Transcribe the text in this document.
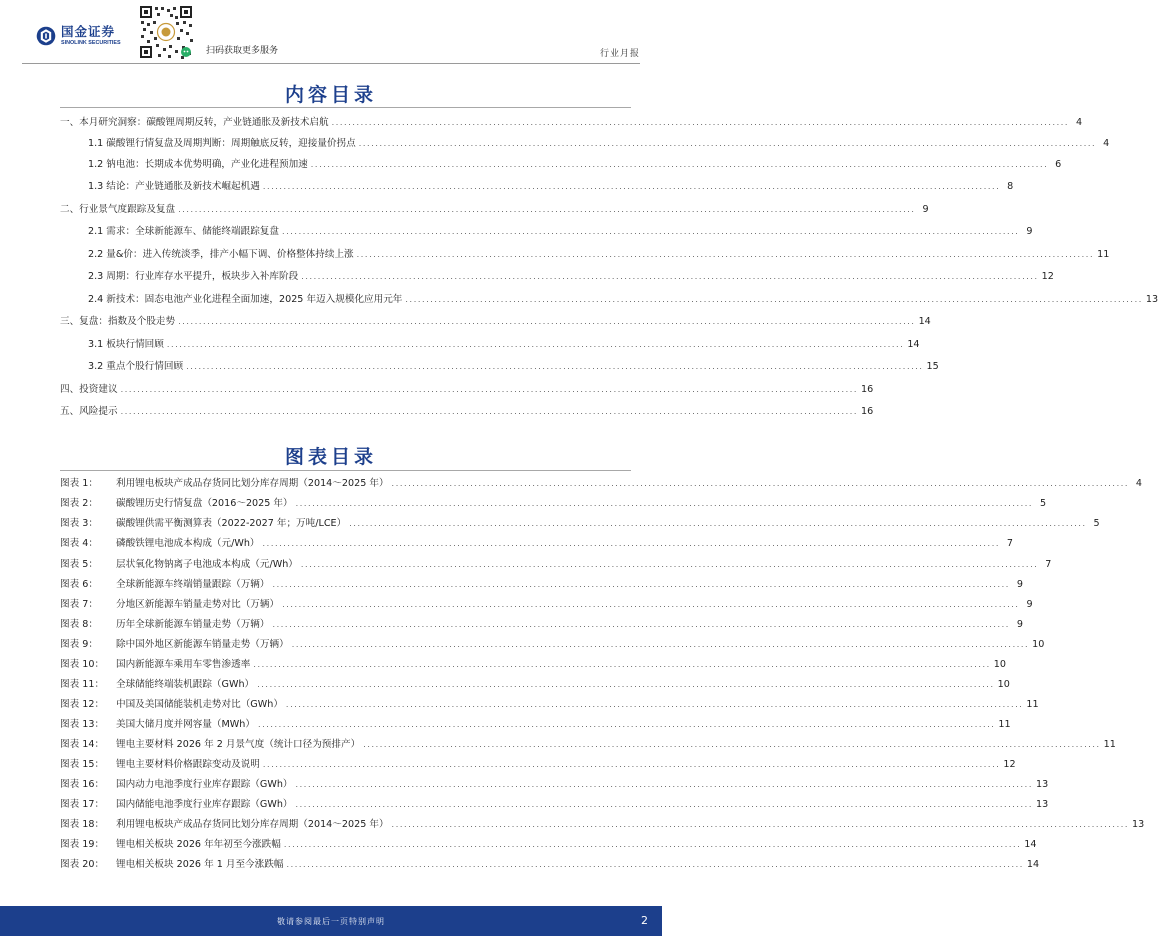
国金证券
SINOLINK SECURITIES
扫码获取更多服务	行业月报
内容目录
一、本月研究洞察：碳酸锂周期反转，产业链通胀及新技术启航 .................................................................................................................................................................................. 4
1.1 碳酸锂行情复盘及周期判断：周期触底反转，迎接量价拐点 .................................................................................................................................................................................. 4
1.2 钠电池：长期成本优势明确，产业化进程预加速 .................................................................................................................................................................................. 6
1.3 结论：产业链通胀及新技术崛起机遇 .................................................................................................................................................................................. 8
二、行业景气度跟踪及复盘 .................................................................................................................................................................................. 9
2.1 需求：全球新能源车、储能终端跟踪复盘 .................................................................................................................................................................................. 9
2.2 量&价：进入传统淡季，排产小幅下调、价格整体持续上涨 .................................................................................................................................................................................. 11
2.3 周期：行业库存水平提升，板块步入补库阶段 .................................................................................................................................................................................. 12
2.4 新技术：固态电池产业化进程全面加速，2025 年迈入规模化应用元年 .................................................................................................................................................................................. 13
三、复盘：指数及个股走势 .................................................................................................................................................................................. 14
3.1 板块行情回顾 .................................................................................................................................................................................. 14
3.2 重点个股行情回顾 .................................................................................................................................................................................. 15
四、投资建议 .................................................................................................................................................................................. 16
五、风险提示 .................................................................................................................................................................................. 16
图表目录
图表 1： 利用锂电板块产成品存货同比划分库存周期（2014～2025 年） .................................................................................................................................................................................. 4
图表 2： 碳酸锂历史行情复盘（2016～2025 年） .................................................................................................................................................................................. 5
图表 3： 碳酸锂供需平衡测算表（2022-2027 年；万吨/LCE） .................................................................................................................................................................................. 5
图表 4： 磷酸铁锂电池成本构成（元/Wh） .................................................................................................................................................................................. 7
图表 5： 层状氧化物钠离子电池成本构成（元/Wh） .................................................................................................................................................................................. 7
图表 6： 全球新能源车终端销量跟踪（万辆） .................................................................................................................................................................................. 9
图表 7： 分地区新能源车销量走势对比（万辆） .................................................................................................................................................................................. 9
图表 8： 历年全球新能源车销量走势（万辆） .................................................................................................................................................................................. 9
图表 9： 除中国外地区新能源车销量走势（万辆） .................................................................................................................................................................................. 10
图表 10： 国内新能源车乘用车零售渗透率 .................................................................................................................................................................................. 10
图表 11： 全球储能终端装机跟踪（GWh） .................................................................................................................................................................................. 10
图表 12： 中国及美国储能装机走势对比（GWh） .................................................................................................................................................................................. 11
图表 13： 美国大储月度并网容量（MWh） .................................................................................................................................................................................. 11
图表 14： 锂电主要材料 2026 年 2 月景气度（统计口径为预排产） .................................................................................................................................................................................. 11
图表 15： 锂电主要材料价格跟踪变动及说明 .................................................................................................................................................................................. 12
图表 16： 国内动力电池季度行业库存跟踪（GWh） .................................................................................................................................................................................. 13
图表 17： 国内储能电池季度行业库存跟踪（GWh） .................................................................................................................................................................................. 13
图表 18： 利用锂电板块产成品存货同比划分库存周期（2014～2025 年） .................................................................................................................................................................................. 13
图表 19： 锂电相关板块 2026 年年初至今涨跌幅 .................................................................................................................................................................................. 14
图表 20： 锂电相关板块 2026 年 1 月至今涨跌幅 .................................................................................................................................................................................. 14
敬请参阅最后一页特别声明	2
